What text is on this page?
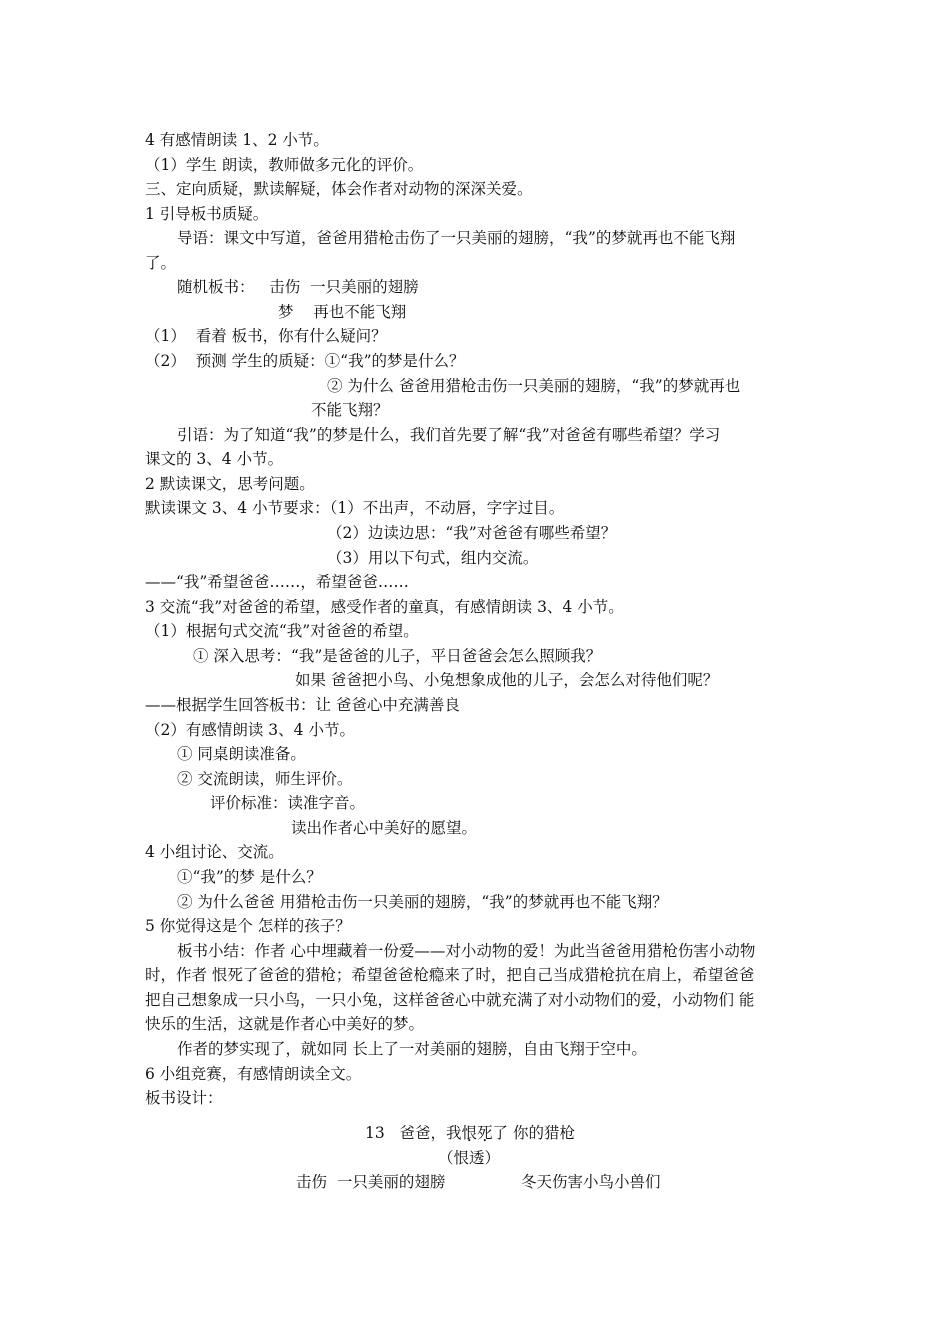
4 有感情朗读 1、2 小节。
（1）学生 朗读，教师做多元化的评价。
三、定向质疑，默读解疑，体会作者对动物的深深关爱。
1 引导板书质疑。
导语：课文中写道，爸爸用猎枪击伤了一只美丽的翅膀，“我”的梦就再也不能飞翔
了。
随机板书：   击伤  一只美丽的翅膀
梦    再也不能飞翔
（1）  看着 板书，你有什么疑问？
（2）  预测 学生的质疑：①“我”的梦是什么？
② 为什么 爸爸用猎枪击伤一只美丽的翅膀，“我”的梦就再也
不能飞翔？
引语：为了知道“我”的梦是什么，我们首先要了解“我”对爸爸有哪些希望？学习
课文的 3、4 小节。
2 默读课文，思考问题。
默读课文 3、4 小节要求：（1）不出声，不动唇，字字过目。
（2）边读边思：“我”对爸爸有哪些希望？
（3）用以下句式，组内交流。
——“我”希望爸爸……，希望爸爸……
3 交流“我”对爸爸的希望，感受作者的童真，有感情朗读 3、4 小节。
（1）根据句式交流“我”对爸爸的希望。
① 深入思考：“我”是爸爸的儿子，平日爸爸会怎么照顾我？
如果 爸爸把小鸟、小兔想象成他的儿子，会怎么对待他们呢？
——根据学生回答板书：让 爸爸心中充满善良
（2）有感情朗读 3、4 小节。
① 同桌朗读准备。
② 交流朗读，师生评价。
评价标准：读准字音。
读出作者心中美好的愿望。
4 小组讨论、交流。
①“我”的梦 是什么？
② 为什么爸爸 用猎枪击伤一只美丽的翅膀，“我”的梦就再也不能飞翔？
5 你觉得这是个 怎样的孩子？
板书小结：作者 心中埋藏着一份爱——对小动物的爱！为此当爸爸用猎枪伤害小动物
时，作者 恨死了爸爸的猎枪；希望爸爸枪瘾来了时，把自己当成猎枪抗在肩上，希望爸爸
把自己想象成一只小鸟，一只小兔，这样爸爸心中就充满了对小动物们的爱，小动物们 能
快乐的生活，这就是作者心中美好的梦。
作者的梦实现了，就如同 长上了一对美丽的翅膀，自由飞翔于空中。
6 小组竞赛，有感情朗读全文。
板书设计：
13   爸爸，我恨死了 你的猎枪
（恨透）
击伤  一只美丽的翅膀	冬天伤害小鸟小兽们
